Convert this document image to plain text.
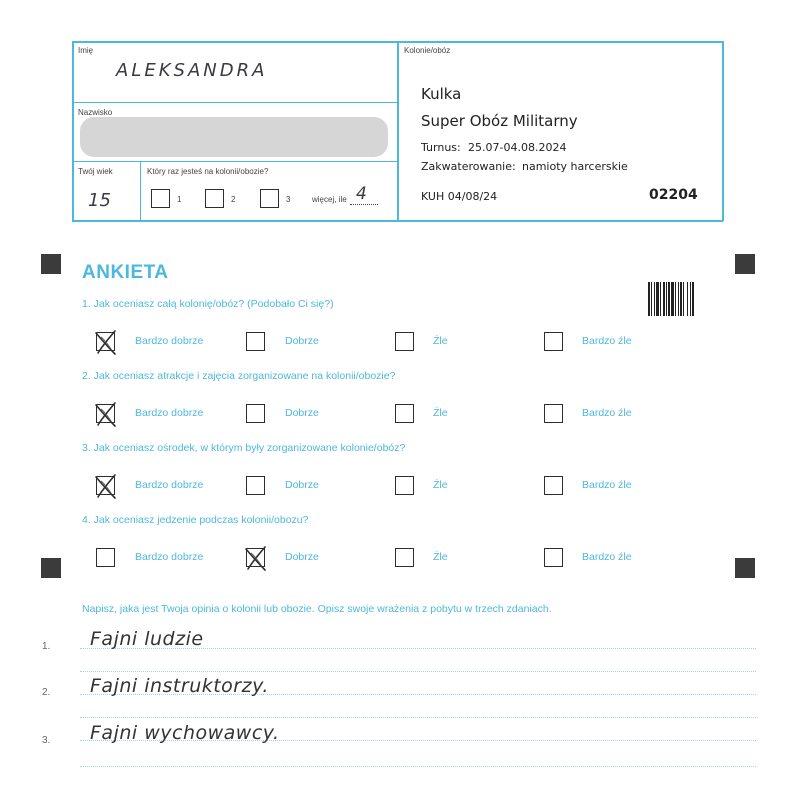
Imię
ALEKSANDRA
Nazwisko
Twój wiek
15
Który raz jesteś na kolonii/obozie?
1	2	3	więcej, ile 4
Kolonie/obóz
Kulka
Super Obóz Militarny
Turnus: 25.07-04.08.2024
Zakwaterowanie: namioty harcerskie
KUH 04/08/24	02204
ANKIETA
1. Jak oceniasz całą kolonię/obóz? (Podobało Ci się?)
Bardzo dobrze	Dobrze	Źle	Bardzo źle
2. Jak oceniasz atrakcje i zajęcia zorganizowane na kolonii/obozie?
Bardzo dobrze	Dobrze	Źle	Bardzo źle
3. Jak oceniasz ośrodek, w którym były zorganizowane kolonie/obóz?
Bardzo dobrze	Dobrze	Źle	Bardzo źle
4. Jak oceniasz jedzenie podczas kolonii/obozu?
Bardzo dobrze	Dobrze	Źle	Bardzo źle
Napisz, jaka jest Twoja opinia o kolonii lub obozie. Opisz swoje wrażenia z pobytu w trzech zdaniach.
1. Fajni ludzie
2. Fajni instruktorzy.
3. Fajni wychowawcy.
